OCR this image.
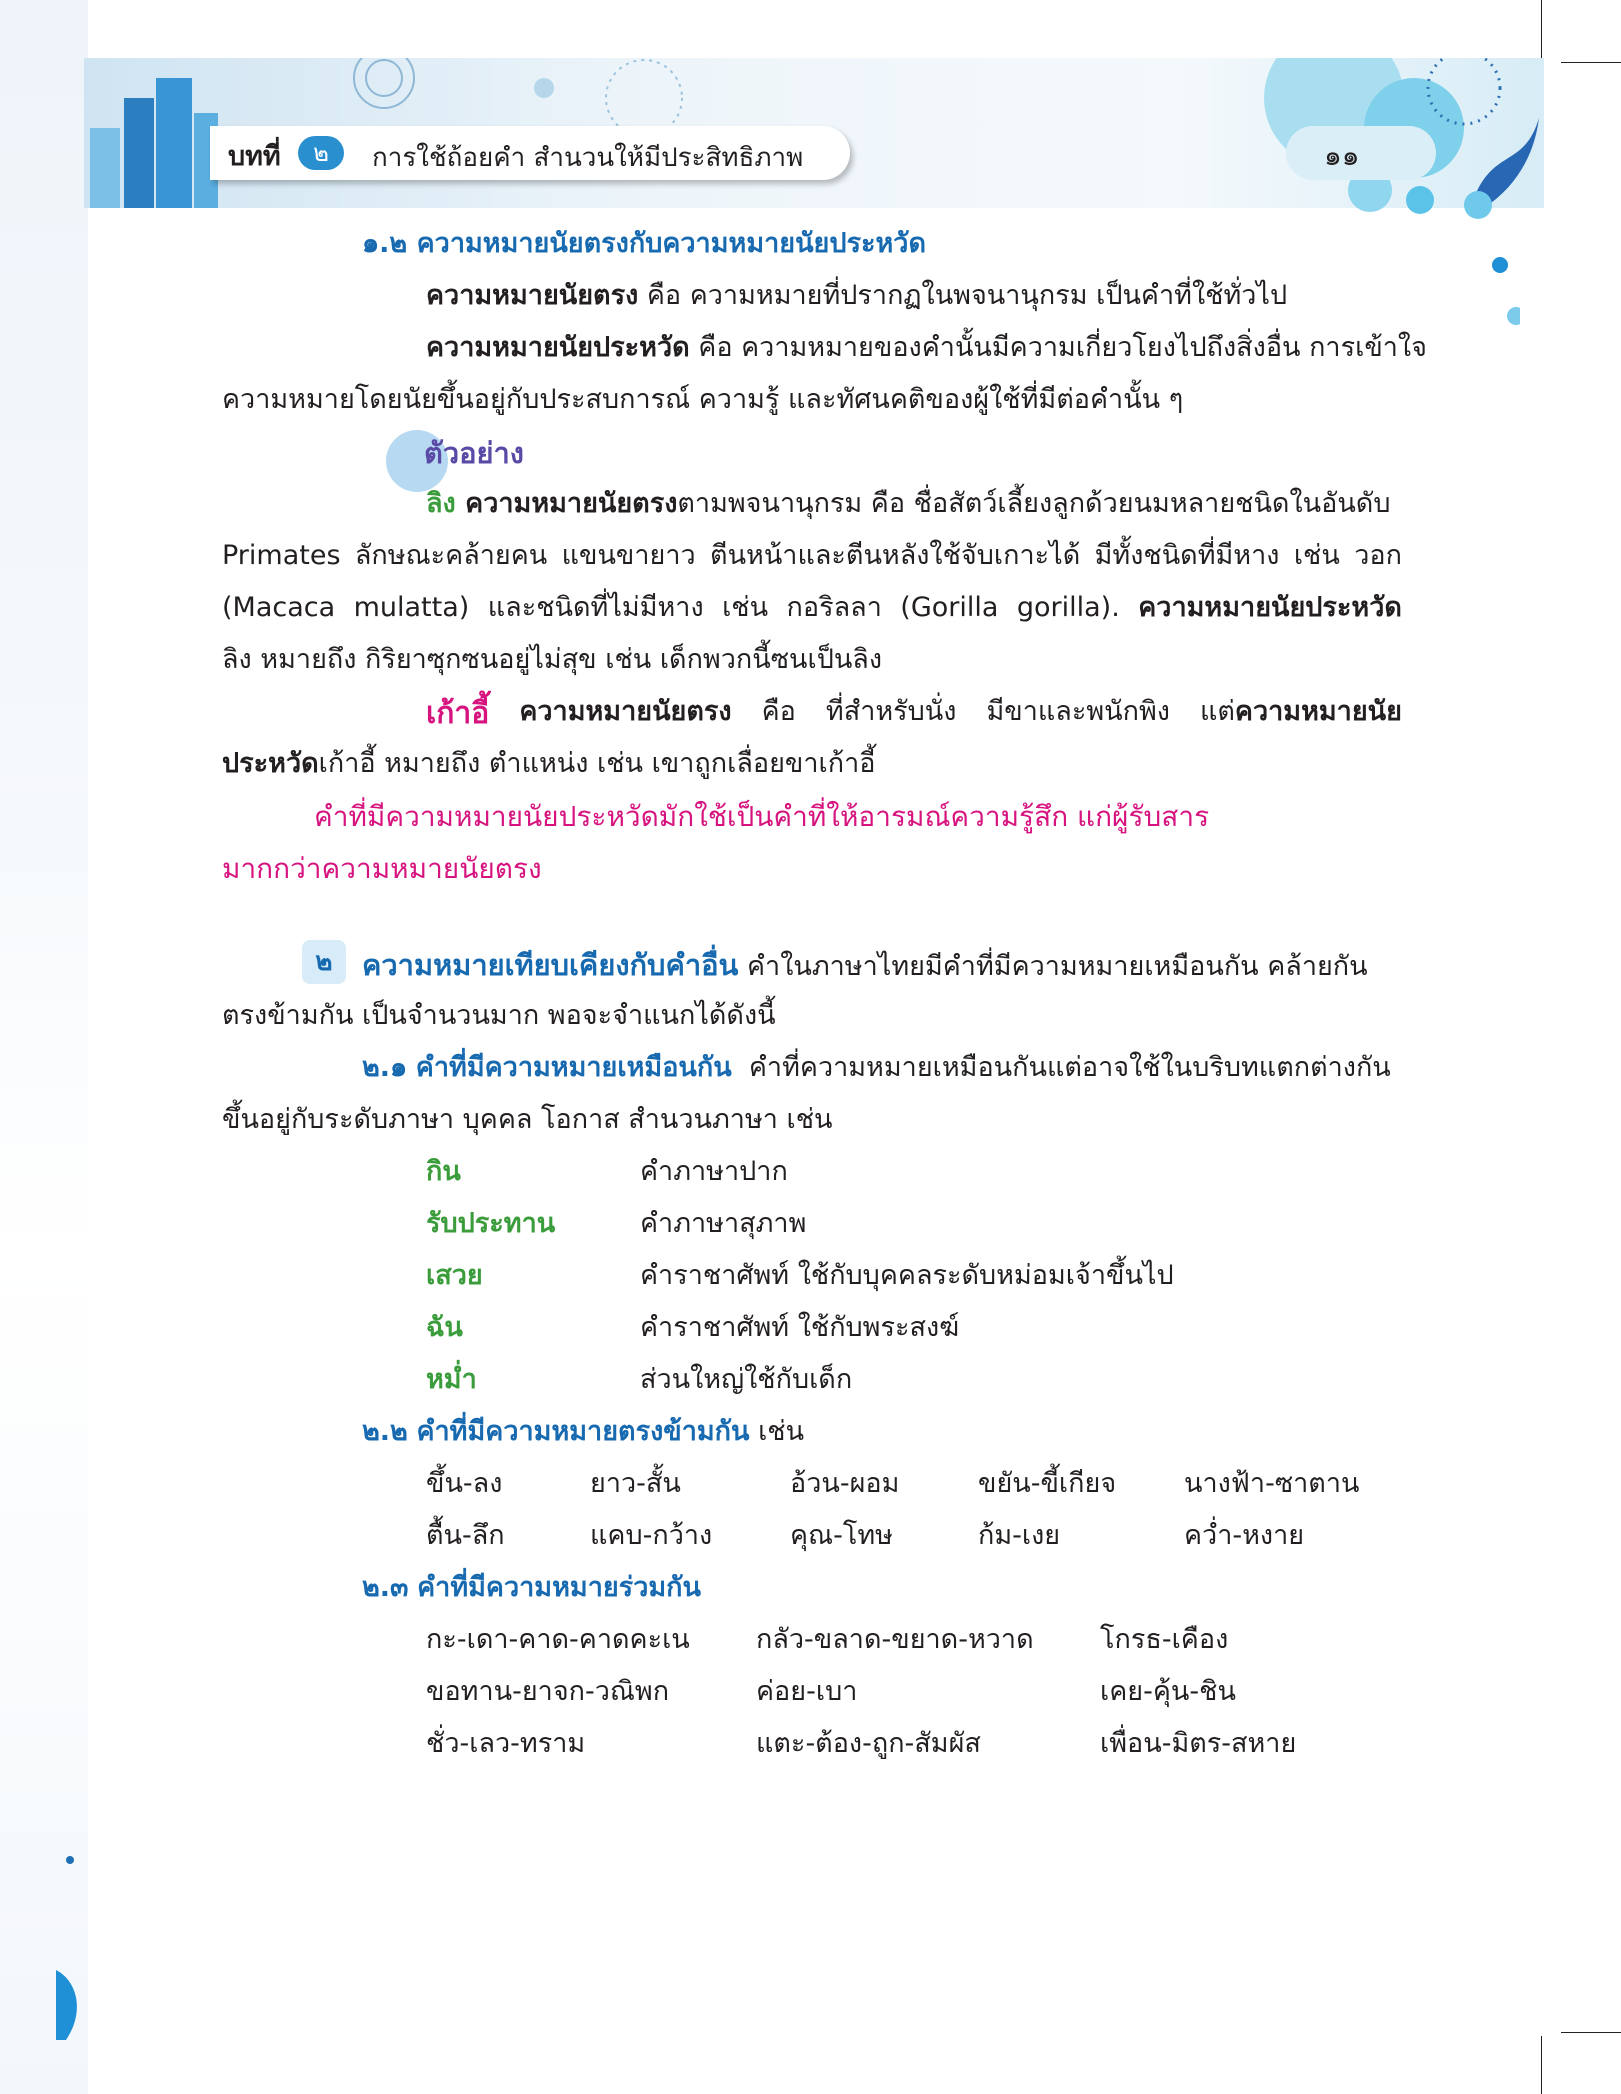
บทที่	๒	การใช้ถ้อยคำ สำนวนให้มีประสิทธิภาพ	๑๑
๑.๒ ความหมายนัยตรงกับความหมายนัยประหวัด
ความหมายนัยตรง คือ ความหมายที่ปรากฏในพจนานุกรม เป็นคำที่ใช้ทั่วไป
ความหมายนัยประหวัด คือ ความหมายของคำนั้นมีความเกี่ยวโยงไปถึงสิ่งอื่น การเข้าใจ
ความหมายโดยนัยขึ้นอยู่กับประสบการณ์ ความรู้ และทัศนคติของผู้ใช้ที่มีต่อคำนั้น ๆ
ตัวอย่าง
ลิง ความหมายนัยตรงตามพจนานุกรม คือ ชื่อสัตว์เลี้ยงลูกด้วยนมหลายชนิดในอันดับ
Primates ลักษณะคล้ายคน แขนขายาว ตีนหน้าและตีนหลังใช้จับเกาะได้ มีทั้งชนิดที่มีหาง เช่น วอก
(Macaca mulatta) และชนิดที่ไม่มีหาง เช่น กอริลลา (Gorilla gorilla). ความหมายนัยประหวัด
ลิง หมายถึง กิริยาซุกซนอยู่ไม่สุข เช่น เด็กพวกนี้ซนเป็นลิง
เก้าอี้ ความหมายนัยตรง คือ ที่สำหรับนั่ง มีขาและพนักพิง แต่ความหมายนัย
ประหวัดเก้าอี้ หมายถึง ตำแหน่ง เช่น เขาถูกเลื่อยขาเก้าอี้
คำที่มีความหมายนัยประหวัดมักใช้เป็นคำที่ให้อารมณ์ความรู้สึก แก่ผู้รับสาร
มากกว่าความหมายนัยตรง
๒	ความหมายเทียบเคียงกับคำอื่น คำในภาษาไทยมีคำที่มีความหมายเหมือนกัน คล้ายกัน
ตรงข้ามกัน เป็นจำนวนมาก พอจะจำแนกได้ดังนี้
๒.๑ คำที่มีความหมายเหมือนกัน คำที่ความหมายเหมือนกันแต่อาจใช้ในบริบทแตกต่างกัน
ขึ้นอยู่กับระดับภาษา บุคคล โอกาส สำนวนภาษา เช่น
กิน	คำภาษาปาก
รับประทาน	คำภาษาสุภาพ
เสวย	คำราชาศัพท์ ใช้กับบุคคลระดับหม่อมเจ้าขึ้นไป
ฉัน	คำราชาศัพท์ ใช้กับพระสงฆ์
หม่ำ	ส่วนใหญ่ใช้กับเด็ก
๒.๒ คำที่มีความหมายตรงข้ามกัน เช่น
ขึ้น-ลง	ยาว-สั้น	อ้วน-ผอม	ขยัน-ขี้เกียจ	นางฟ้า-ซาตาน
ตื้น-ลึก	แคบ-กว้าง	คุณ-โทษ	ก้ม-เงย	คว่ำ-หงาย
๒.๓ คำที่มีความหมายร่วมกัน
กะ-เดา-คาด-คาดคะเน กลัว-ขลาด-ขยาด-หวาด โกรธ-เคือง
ขอทาน-ยาจก-วณิพก	ค่อย-เบา	เคย-คุ้น-ชิน
ชั่ว-เลว-ทราม	แตะ-ต้อง-ถูก-สัมผัส	เพื่อน-มิตร-สหาย
